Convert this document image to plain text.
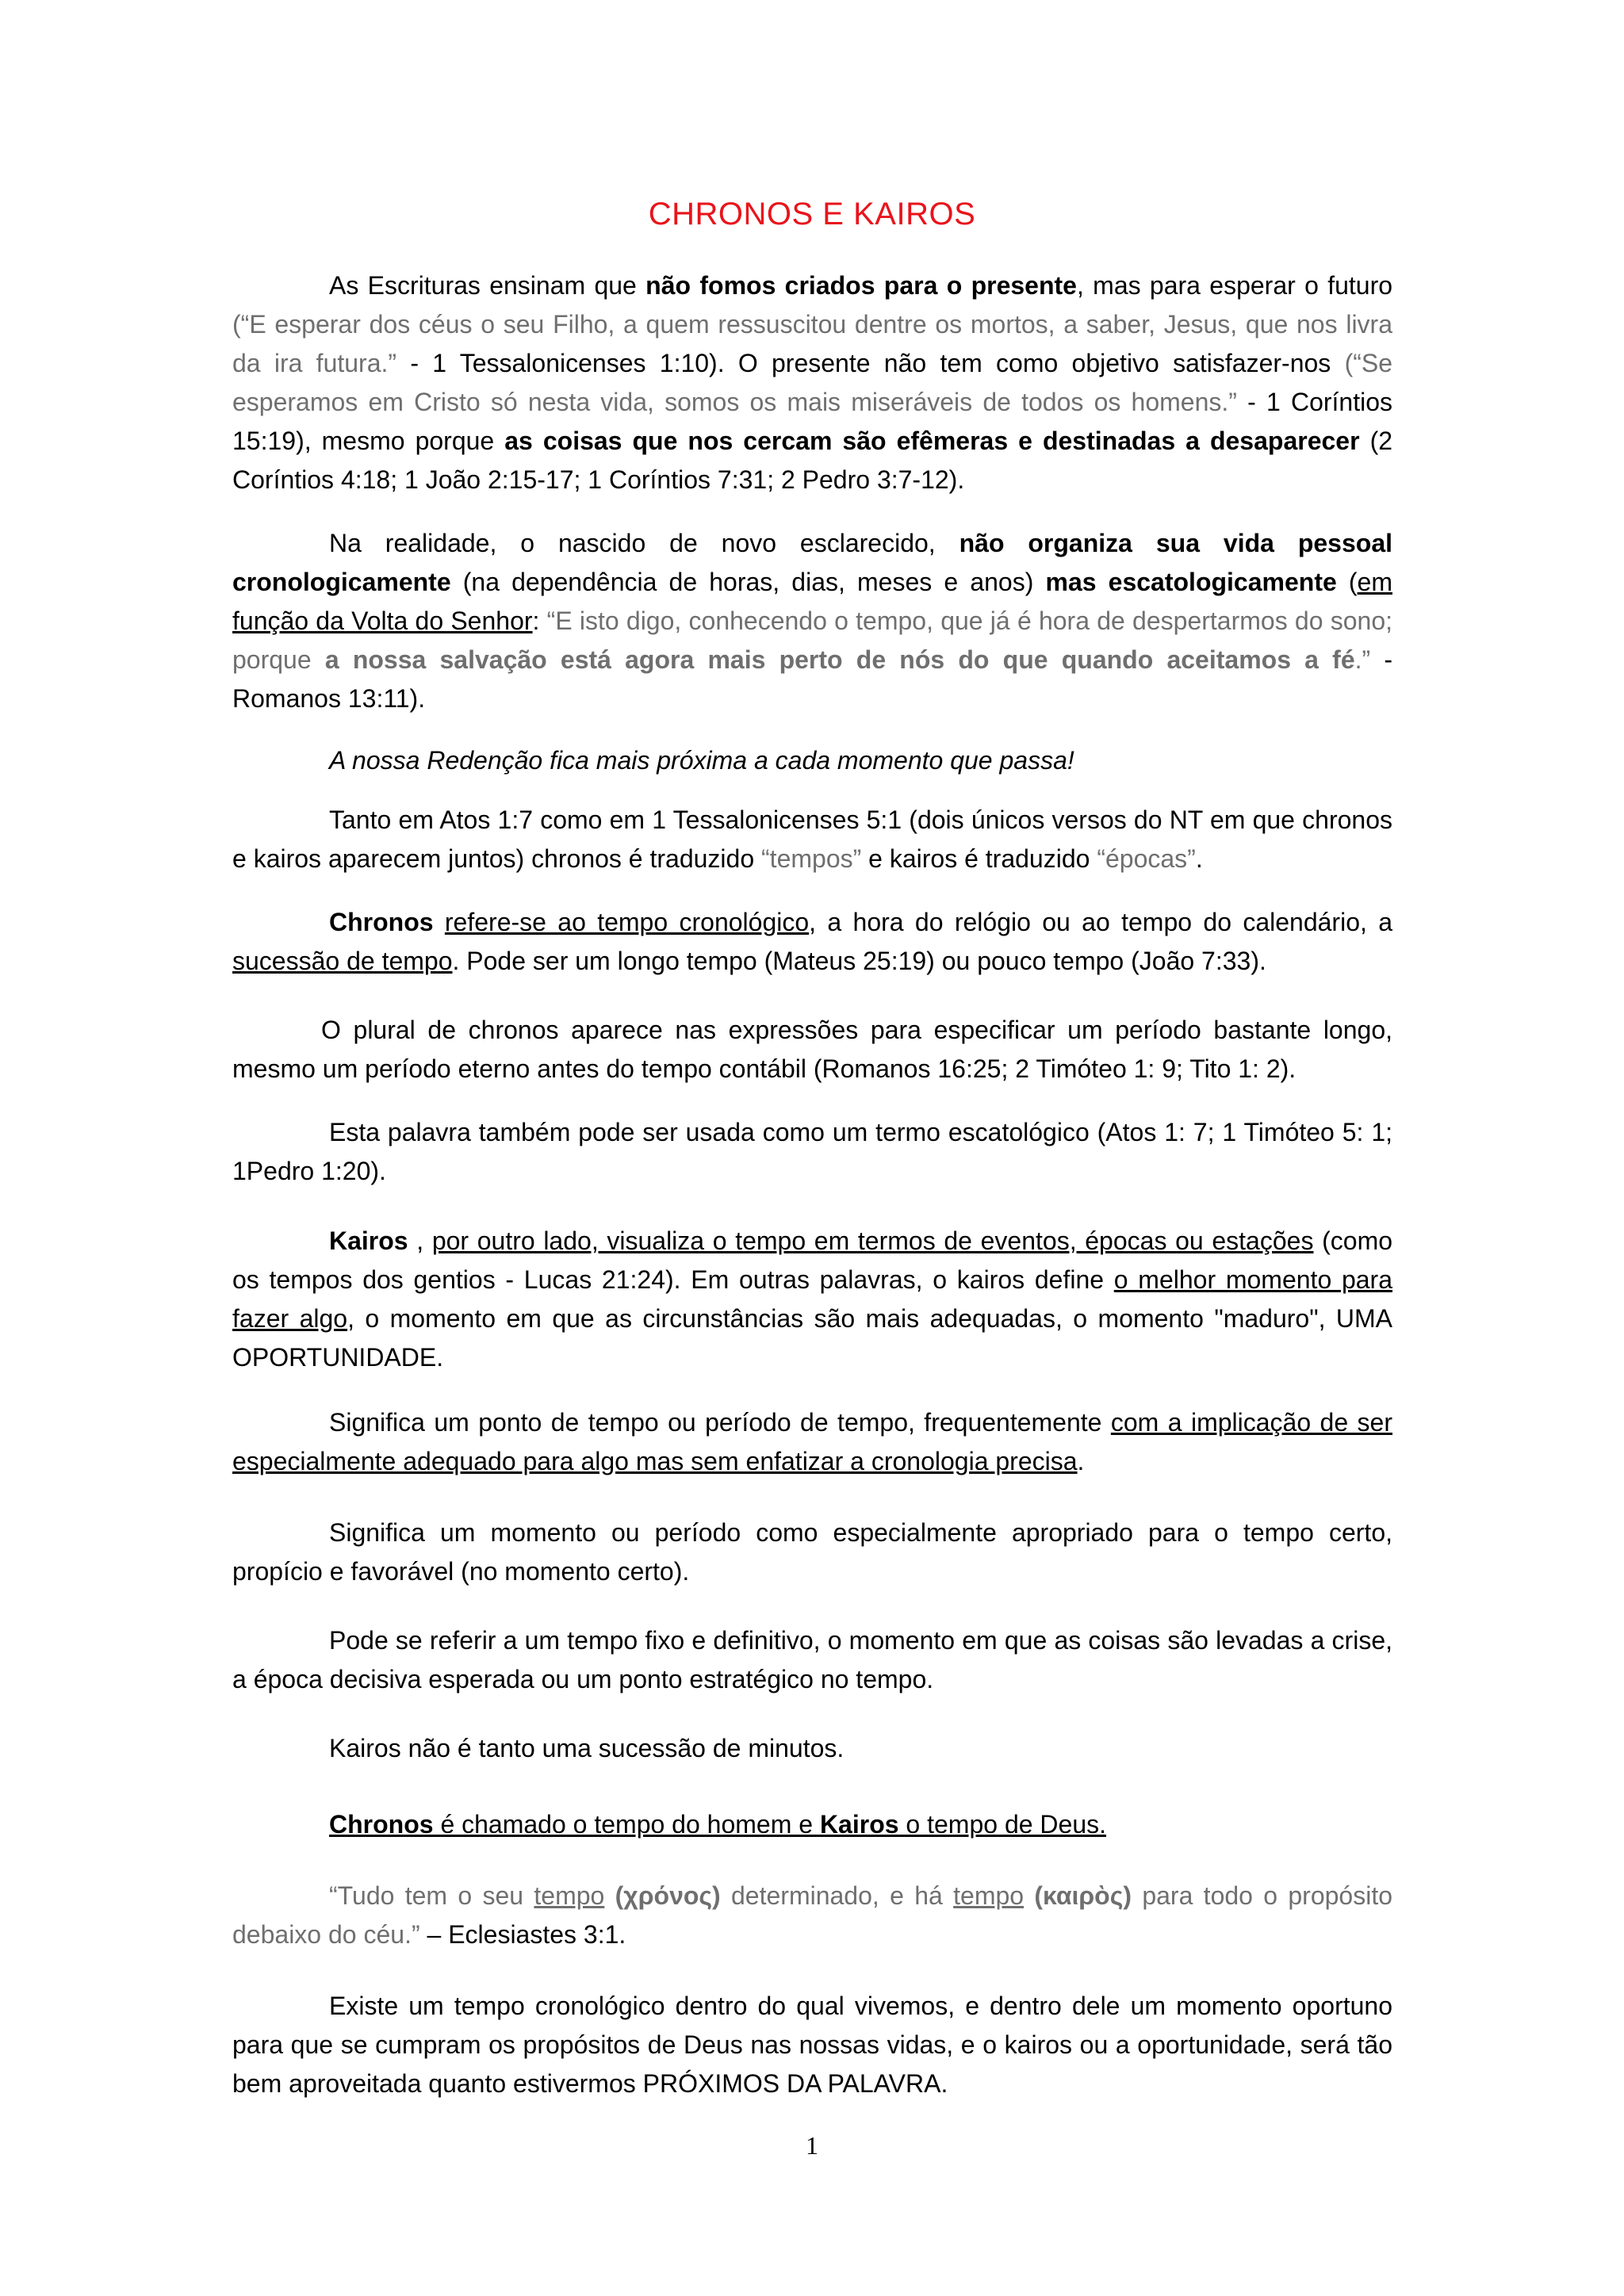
CHRONOS E KAIROS

As Escrituras ensinam que não fomos criados para o presente, mas para esperar o futuro (“E esperar dos céus o seu Filho, a quem ressuscitou dentre os mortos, a saber, Jesus, que nos livra da ira futura.” - 1 Tessalonicenses 1:10). O presente não tem como objetivo satisfazer-nos (“Se esperamos em Cristo só nesta vida, somos os mais miseráveis de todos os homens.” - 1 Coríntios 15:19), mesmo porque as coisas que nos cercam são efêmeras e destinadas a desaparecer (2 Coríntios 4:18; 1 João 2:15-17; 1 Coríntios 7:31; 2 Pedro 3:7-12).

Na realidade, o nascido de novo esclarecido, não organiza sua vida pessoal cronologicamente (na dependência de horas, dias, meses e anos) mas escatologicamente (em função da Volta do Senhor: “E isto digo, conhecendo o tempo, que já é hora de despertarmos do sono; porque a nossa salvação está agora mais perto de nós do que quando aceitamos a fé.” - Romanos 13:11).

A nossa Redenção fica mais próxima a cada momento que passa!

Tanto em Atos 1:7 como em 1 Tessalonicenses 5:1 (dois únicos versos do NT em que chronos e kairos aparecem juntos) chronos é traduzido “tempos” e kairos é traduzido “épocas”.

Chronos refere-se ao tempo cronológico, a hora do relógio ou ao tempo do calendário, a sucessão de tempo. Pode ser um longo tempo (Mateus 25:19) ou pouco tempo (João 7:33).

O plural de chronos aparece nas expressões para especificar um período bastante longo, mesmo um período eterno antes do tempo contábil (Romanos 16:25; 2 Timóteo 1: 9; Tito 1: 2).

Esta palavra também pode ser usada como um termo escatológico (Atos 1: 7; 1 Timóteo 5: 1; 1Pedro 1:20).

Kairos , por outro lado, visualiza o tempo em termos de eventos, épocas ou estações (como os tempos dos gentios - Lucas 21:24). Em outras palavras, o kairos define o melhor momento para fazer algo, o momento em que as circunstâncias são mais adequadas, o momento "maduro", UMA OPORTUNIDADE.

Significa um ponto de tempo ou período de tempo, frequentemente com a implicação de ser especialmente adequado para algo mas sem enfatizar a cronologia precisa.

Significa um momento ou período como especialmente apropriado para o tempo certo, propício e favorável (no momento certo).

Pode se referir a um tempo fixo e definitivo, o momento em que as coisas são levadas a crise, a época decisiva esperada ou um ponto estratégico no tempo.

Kairos não é tanto uma sucessão de minutos.

Chronos é chamado o tempo do homem e Kairos o tempo de Deus.

“Tudo tem o seu tempo (χρόνος) determinado, e há tempo (καιρὸς) para todo o propósito debaixo do céu.” – Eclesiastes 3:1.

Existe um tempo cronológico dentro do qual vivemos, e dentro dele um momento oportuno para que se cumpram os propósitos de Deus nas nossas vidas, e o kairos ou a oportunidade, será tão bem aproveitada quanto estivermos PRÓXIMOS DA PALAVRA.

1
